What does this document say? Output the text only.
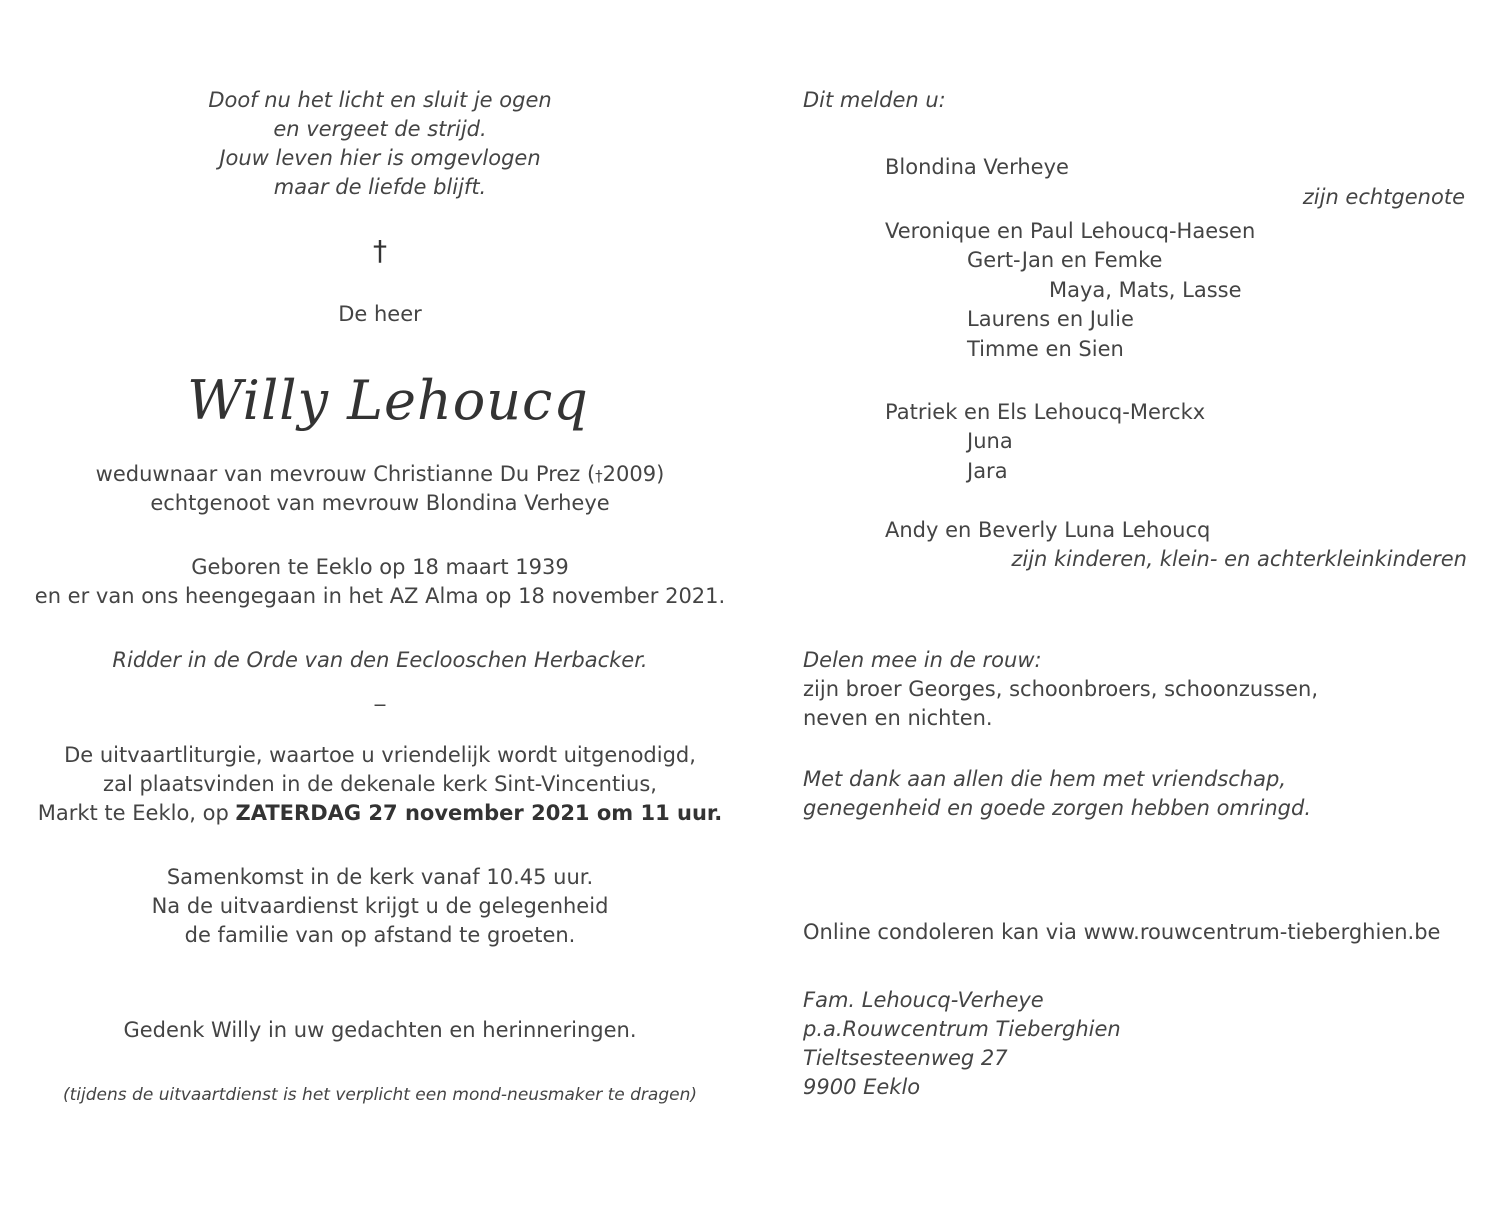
Doof nu het licht en sluit je ogen
en vergeet de strijd.
Jouw leven hier is omgevlogen
maar de liefde blijft.
†
De heer
Willy Lehoucq
weduwnaar van mevrouw Christianne Du Prez (†2009)
echtgenoot van mevrouw Blondina Verheye
Geboren te Eeklo op 18 maart 1939
en er van ons heengegaan in het AZ Alma op 18 november 2021.
Ridder in de Orde van den Eeclooschen Herbacker.
_
De uitvaartliturgie, waartoe u vriendelijk wordt uitgenodigd,
zal plaatsvinden in de dekenale kerk Sint-Vincentius,
Markt te Eeklo, op ZATERDAG 27 november 2021 om 11 uur.
Samenkomst in de kerk vanaf 10.45 uur.
Na de uitvaardienst krijgt u de gelegenheid
de familie van op afstand te groeten.
Gedenk Willy in uw gedachten en herinneringen.
(tijdens de uitvaartdienst is het verplicht een mond-neusmaker te dragen)
Dit melden u:
Blondina Verheye
zijn echtgenote
Veronique en Paul Lehoucq-Haesen
Gert-Jan en Femke
Maya, Mats, Lasse
Laurens en Julie
Timme en Sien
Patriek en Els Lehoucq-Merckx
Juna
Jara
Andy en Beverly Luna Lehoucq
zijn kinderen, klein- en achterkleinkinderen
Delen mee in de rouw:
zijn broer Georges, schoonbroers, schoonzussen,
neven en nichten.
Met dank aan allen die hem met vriendschap,
genegenheid en goede zorgen hebben omringd.
Online condoleren kan via www.rouwcentrum-tieberghien.be
Fam. Lehoucq-Verheye
p.a.Rouwcentrum Tieberghien
Tieltsesteenweg 27
9900 Eeklo
